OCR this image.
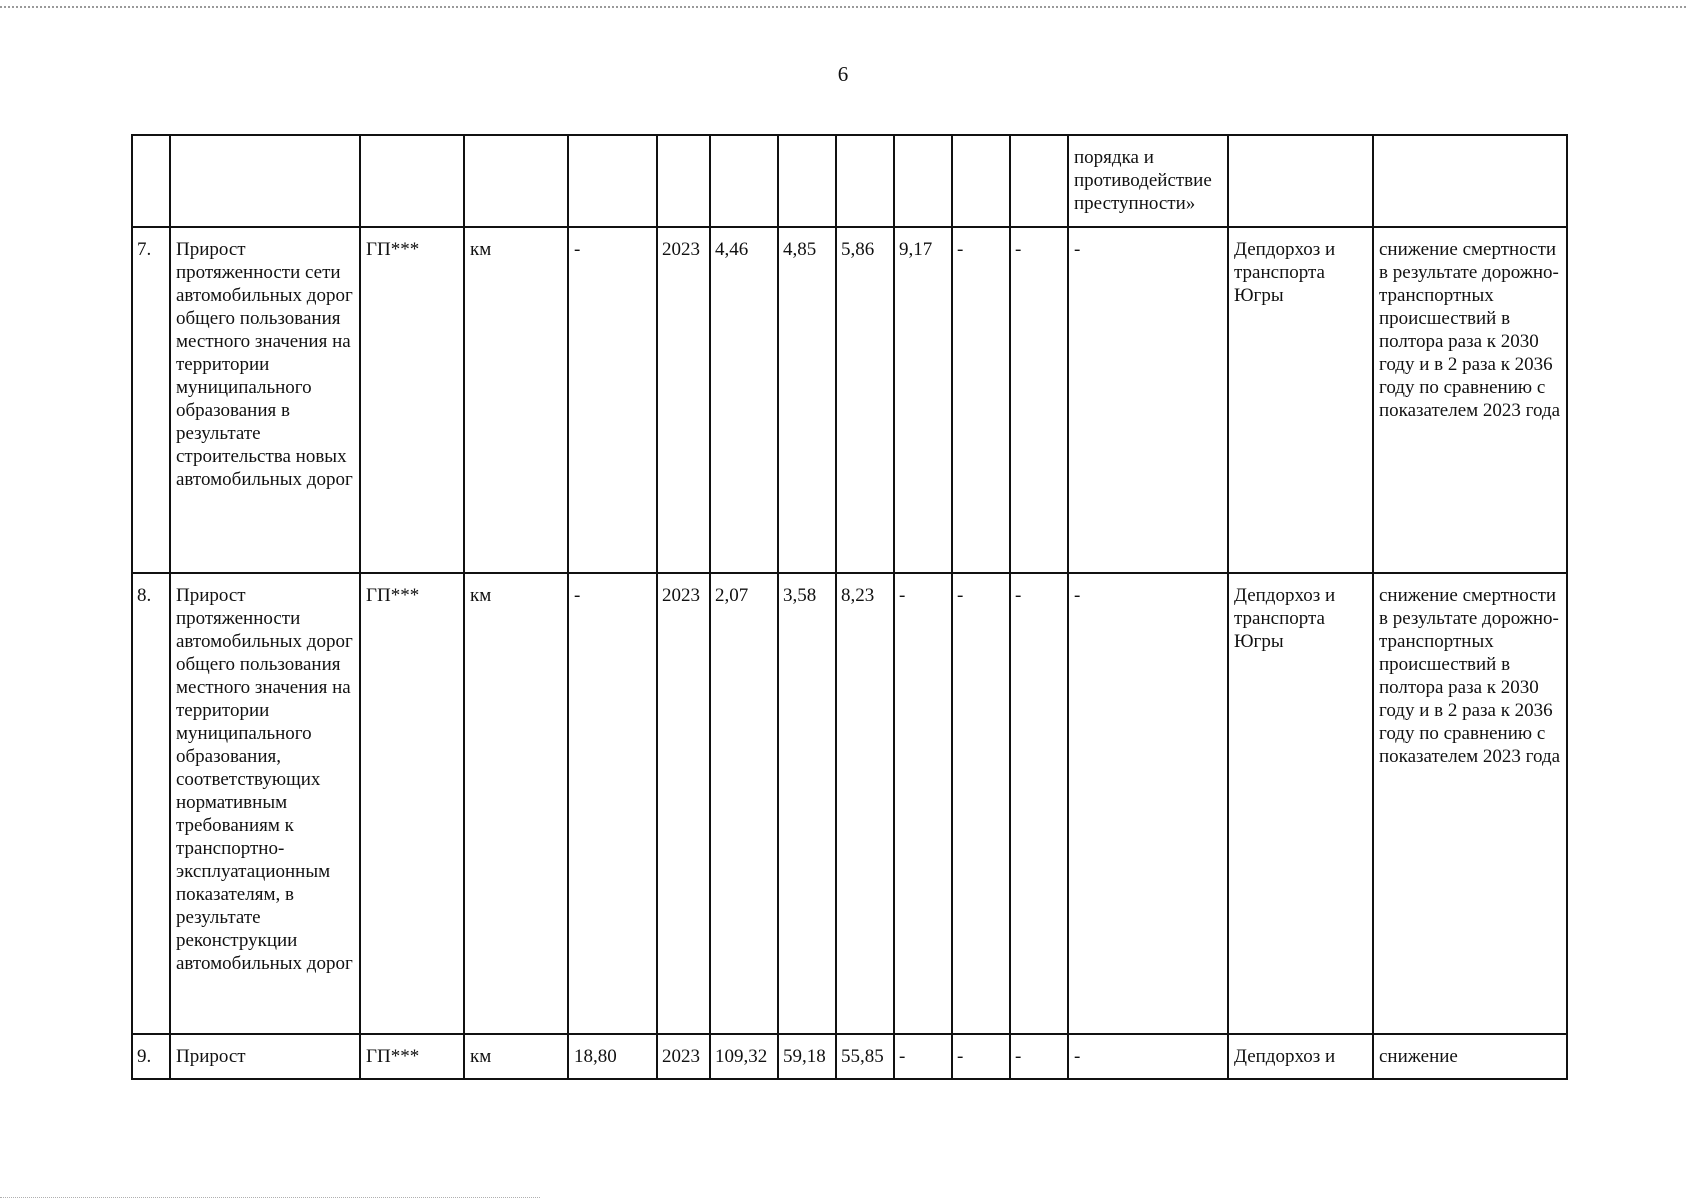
6
												порядка и противодействие преступности»		
7.	Прирост протяженности сети автомобильных дорог общего пользования местного значения на территории муниципального образования в результате строительства новых автомобильных дорог	ГП***	км	-	2023	4,46	4,85	5,86	9,17	-	-	-	Депдорхоз и транспорта Югры	снижение смертности в результате дорожно-транспортных происшествий в полтора раза к 2030 году и в 2 раза к 2036 году по сравнению с показателем 2023 года
8.	Прирост протяженности автомобильных дорог общего пользования местного значения на территории муниципального образования, соответствующих нормативным требованиям к транспортно-эксплуатационным показателям, в результате реконструкции автомобильных дорог	ГП***	км	-	2023	2,07	3,58	8,23	-	-	-	-	Депдорхоз и транспорта Югры	снижение смертности в результате дорожно-транспортных происшествий в полтора раза к 2030 году и в 2 раза к 2036 году по сравнению с показателем 2023 года
9.	Прирост	ГП***	км	18,80	2023	109,32	59,18	55,85	-	-	-	-	Депдорхоз и	снижение
